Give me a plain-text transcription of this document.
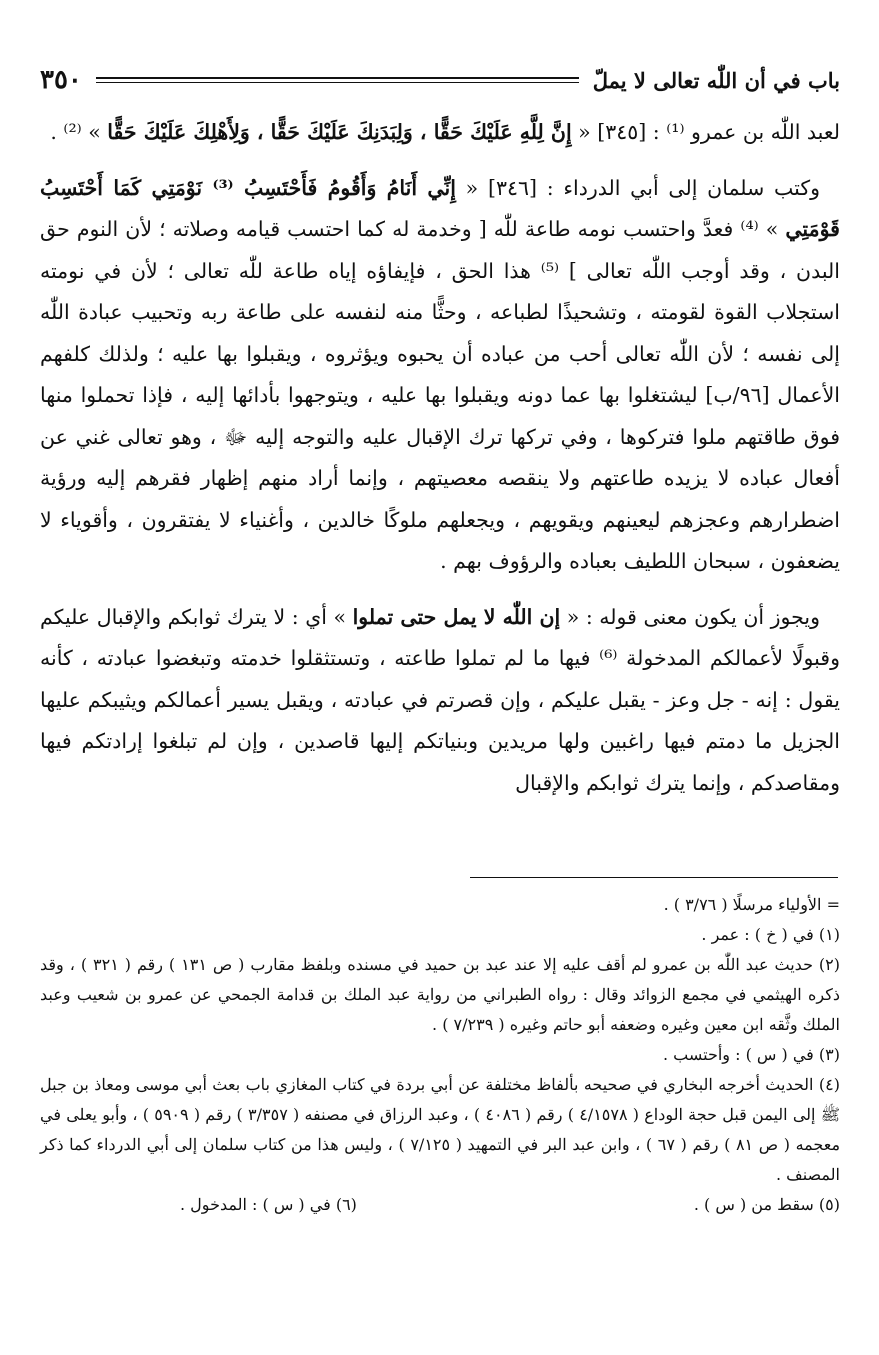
باب في أن اللّٰه تعالى لا يملّ
٣٥٠

لعبد اللّٰه بن عمرو ⁽¹⁾ : [٣٤٥] « إِنَّ لِلَّهِ عَلَيْكَ حَقًّا ، وَلِبَدَنِكَ عَلَيْكَ حَقًّا ، وَلِأَهْلِكَ عَلَيْكَ حَقًّا » ⁽²⁾ .

وكتب سلمان إلى أبي الدرداء : [٣٤٦] « إِنِّي أَنَامُ وَأَقُومُ فَأَحْتَسِبُ ⁽³⁾ نَوْمَتِي كَمَا أَحْتَسِبُ قَوْمَتِي » ⁽⁴⁾ فعدَّ واحتسب نومه طاعة للّٰه [ وخدمة له كما احتسب قيامه وصلاته ؛ لأن النوم حق البدن ، وقد أوجب اللّٰه تعالى ] ⁽⁵⁾ هذا الحق ، فإيفاؤه إياه طاعة للّٰه تعالى ؛ لأن في نومته استجلاب القوة لقومته ، وتشحيذًا لطباعه ، وحثًّا منه لنفسه على طاعة ربه وتحبيب عبادة اللّٰه إلى نفسه ؛ لأن اللّٰه تعالى أحب من عباده أن يحبوه ويؤثروه ، ويقبلوا بها عليه ؛ ولذلك كلفهم الأعمال [٩٦/ب] ليشتغلوا بها عما دونه ويقبلوا بها عليه ، ويتوجهوا بأدائها إليه ، فإذا تحملوا منها فوق طاقتهم ملوا فتركوها ، وفي تركها ترك الإقبال عليه والتوجه إليه ﷻ ، وهو تعالى غني عن أفعال عباده لا يزيده طاعتهم ولا ينقصه معصيتهم ، وإنما أراد منهم إظهار فقرهم إليه ورؤية اضطرارهم وعجزهم ليعينهم ويقويهم ، ويجعلهم ملوكًا خالدين ، وأغنياء لا يفتقرون ، وأقوياء لا يضعفون ، سبحان اللطيف بعباده والرؤوف بهم .

ويجوز أن يكون معنى قوله : « إن اللّٰه لا يمل حتى تملوا » أي : لا يترك ثوابكم والإقبال عليكم وقبولًا لأعمالكم المدخولة ⁽⁶⁾ فيها ما لم تملوا طاعته ، وتستثقلوا خدمته وتبغضوا عبادته ، كأنه يقول : إنه - جل وعز - يقبل عليكم ، وإن قصرتم في عبادته ، ويقبل يسير أعمالكم ويثيبكم عليها الجزيل ما دمتم فيها راغبين ولها مريدين وبنياتكم إليها قاصدين ، وإن لم تبلغوا إرادتكم فيها ومقاصدكم ، وإنما يترك ثوابكم والإقبال

= الأولياء مرسلًا ( ٣/٧٦ ) .

(١) في ( خ ) : عمر .

(٢) حديث عبد اللّٰه بن عمرو لم أقف عليه إلا عند عبد بن حميد في مسنده وبلفظ مقارب ( ص ١٣١ ) رقم ( ٣٢١ ) ، وقد ذكره الهيثمي في مجمع الزوائد وقال : رواه الطبراني من رواية عبد الملك بن قدامة الجمحي عن عمرو بن شعيب وعبد الملك وثَّقه ابن معين وغيره وضعفه أبو حاتم وغيره ( ٧/٢٣٩ ) .

(٣) في ( س ) : وأحتسب .

(٤) الحديث أخرجه البخاري في صحيحه بألفاظ مختلفة عن أبي بردة في كتاب المغازي باب بعث أبي موسى ومعاذ بن جبل ﷺ إلى اليمن قبل حجة الوداع ( ٤/١٥٧٨ ) رقم ( ٤٠٨٦ ) ، وعبد الرزاق في مصنفه ( ٣/٣٥٧ ) رقم ( ٥٩٠٩ ) ، وأبو يعلى في معجمه ( ص ٨١ ) رقم ( ٦٧ ) ، وابن عبد البر في التمهيد ( ٧/١٢٥ ) ، وليس هذا من كتاب سلمان إلى أبي الدرداء كما ذكر المصنف .

(٥) سقط من ( س ) .

(٦) في ( س ) : المدخول .
